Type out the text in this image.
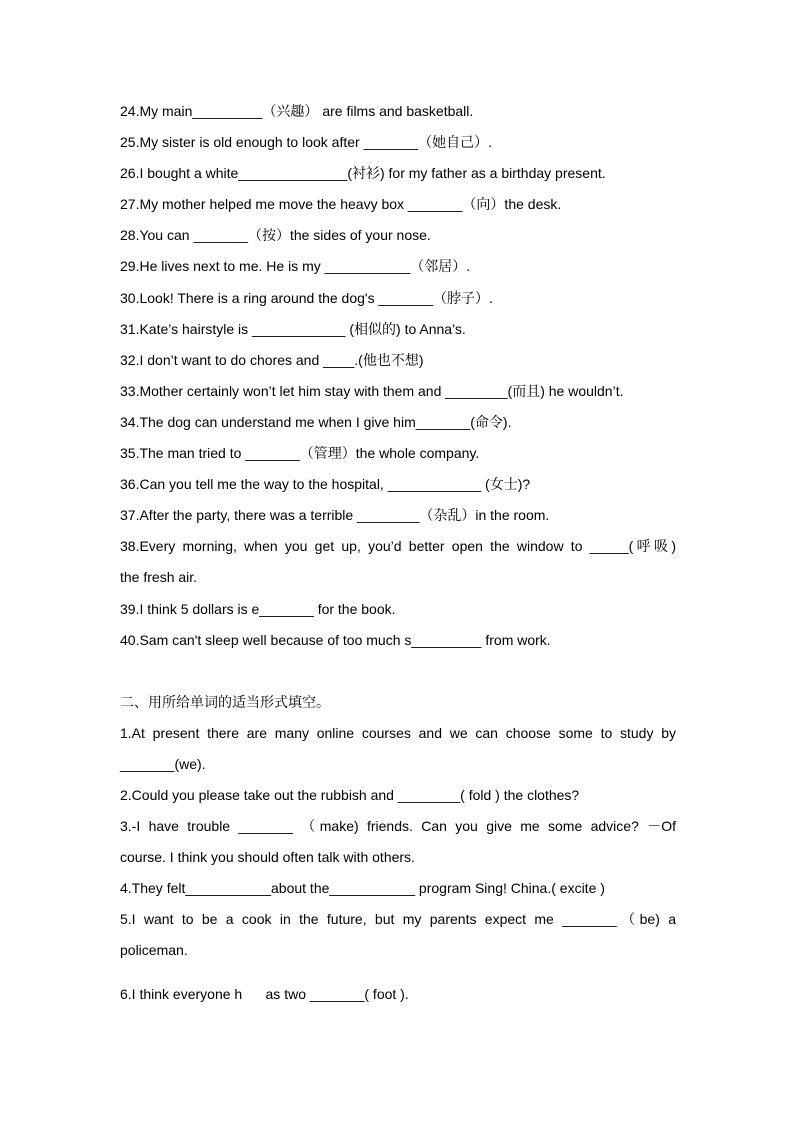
24.My main_________（兴趣） are films and basketball.
25.My sister is old enough to look after _______（她自己）.
26.I bought a white______________(衬衫) for my father as a birthday present.
27.My mother helped me move the heavy box _______（向）the desk.
28.You can _______（按）the sides of your nose.
29.He lives next to me. He is my ___________（邻居）.
30.Look! There is a ring around the dog's _______（脖子）.
31.Kate’s hairstyle is ____________ (相似的) to Anna’s.
32.I don’t want to do chores and ____.(他也不想)
33.Mother certainly won’t let him stay with them and ________(而且) he wouldn’t.
34.The dog can understand me when I give him_______(命令).
35.The man tried to _______（管理）the whole company.
36.Can you tell me the way to the hospital, ____________ (女士)?
37.After the party, there was a terrible ________（杂乱）in the room.
38.Every morning, when you get up, you’d better open the window to _____(呼吸)
the fresh air.
39.I think 5 dollars is e_______ for the book.
40.Sam can't sleep well because of too much s_________ from work.
二、用所给单词的适当形式填空。
1.At present there are many online courses and we can choose some to study by
_______(we).
2.Could you please take out the rubbish and ________( fold ) the clothes?
3.-I have trouble _______ （make) friends. Can you give me some advice? －Of
course. I think you should often talk with others.
4.They felt___________about the___________ program Sing! China.( excite )
5.I want to be a cook in the future, but my parents expect me _______（be) a
policeman.
6.I think everyone h      as two _______( foot ).
